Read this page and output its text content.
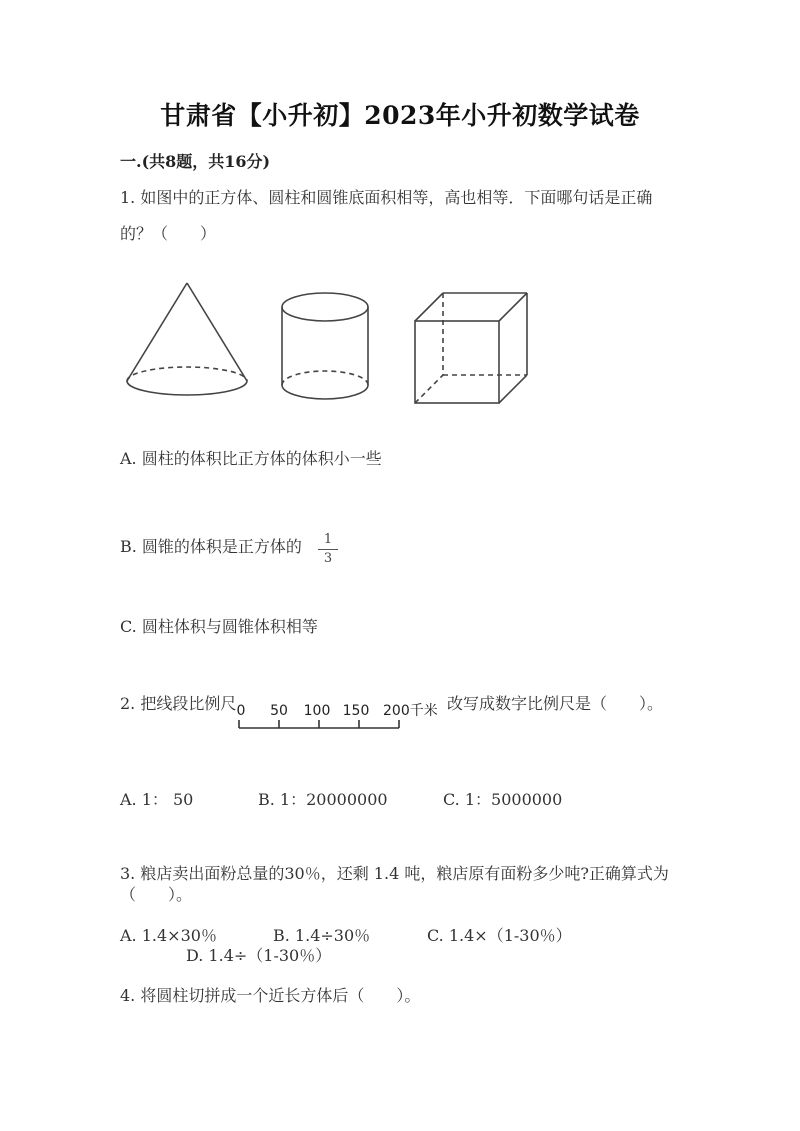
甘肃省【小升初】2023年小升初数学试卷
一.(共8题，共16分)
1. 如图中的正方体、圆柱和圆锥底面积相等，高也相等．下面哪句话是正确
的？（　　）
A. 圆柱的体积比正方体的体积小一些
B. 圆锥的体积是正方体的 $\frac{1}{3}$
C. 圆柱体积与圆锥体积相等
2. 把线段比例尺 0 50 100 150 200千米 改写成数字比例尺是（　　）。
A. 1： 50	B. 1：20000000	C. 1：5000000
3. 粮店卖出面粉总量的30％，还剩 1.4 吨，粮店原有面粉多少吨?正确算式为
（　　）。
A. 1.4×30％	B. 1.4÷30％	C. 1.4×（1-30％）
D. 1.4÷（1-30％）
4. 将圆柱切拼成一个近长方体后（　　）。
